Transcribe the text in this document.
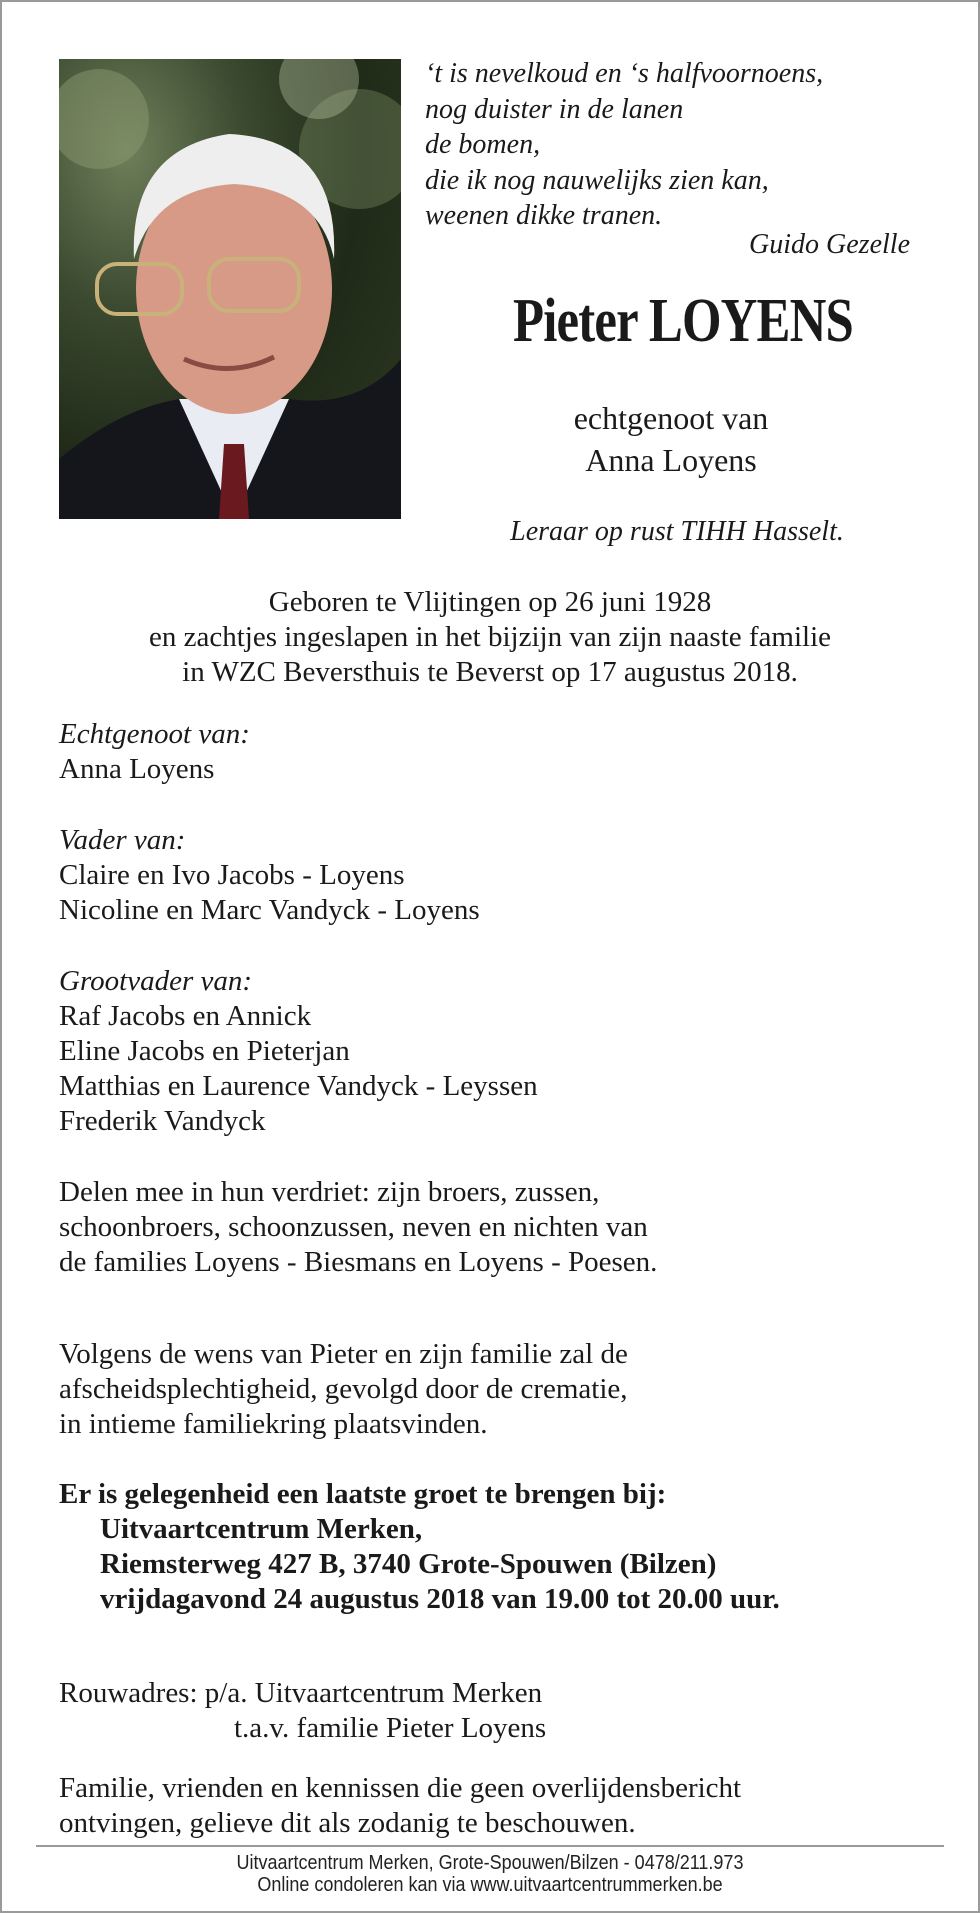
‘t is nevelkoud en ‘s halfvoornoens,
nog duister in de lanen
de bomen,
die ik nog nauwelijks zien kan,
weenen dikke tranen.
Guido Gezelle
Pieter LOYENS
echtgenoot van
Anna Loyens
Leraar op rust TIHH Hasselt.
Geboren te Vlijtingen op 26 juni 1928
en zachtjes ingeslapen in het bijzijn van zijn naaste familie
in WZC Beversthuis te Beverst op 17 augustus 2018.
Echtgenoot van:
Anna Loyens
Vader van:
Claire en Ivo Jacobs - Loyens
Nicoline en Marc Vandyck - Loyens
Grootvader van:
Raf Jacobs en Annick
Eline Jacobs en Pieterjan
Matthias en Laurence Vandyck - Leyssen
Frederik Vandyck
Delen mee in hun verdriet: zijn broers, zussen,
schoonbroers, schoonzussen, neven en nichten van
de families Loyens - Biesmans en Loyens - Poesen.
Volgens de wens van Pieter en zijn familie zal de
afscheidsplechtigheid, gevolgd door de crematie,
in intieme familiekring plaatsvinden.
Er is gelegenheid een laatste groet te brengen bij:
Uitvaartcentrum Merken,
Riemsterweg 427 B, 3740 Grote-Spouwen (Bilzen)
vrijdagavond 24 augustus 2018 van 19.00 tot 20.00 uur.
Rouwadres: p/a. Uitvaartcentrum Merken
t.a.v. familie Pieter Loyens
Familie, vrienden en kennissen die geen overlijdensbericht
ontvingen, gelieve dit als zodanig te beschouwen.
Uitvaartcentrum Merken, Grote-Spouwen/Bilzen - 0478/211.973
Online condoleren kan via www.uitvaartcentrummerken.be
